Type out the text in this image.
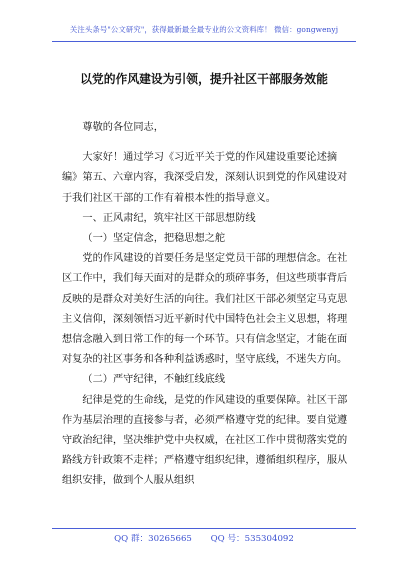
关注头条号"公文研究"，获得最新最全最专业的公文资料库！ 微信：gongwenyj
以党的作风建设为引领，提升社区干部服务效能

尊敬的各位同志，

大家好！通过学习《习近平关于党的作风建设重要论述摘编》第五、六章内容，我深受启发，深刻认识到党的作风建设对于我们社区干部的工作有着根本性的指导意义。

一、正风肃纪，筑牢社区干部思想防线

（一）坚定信念，把稳思想之舵

党的作风建设的首要任务是坚定党员干部的理想信念。在社区工作中，我们每天面对的是群众的琐碎事务，但这些琐事背后反映的是群众对美好生活的向往。我们社区干部必须坚定马克思主义信仰，深刻领悟习近平新时代中国特色社会主义思想，将理想信念融入到日常工作的每一个环节。只有信念坚定，才能在面对复杂的社区事务和各种利益诱惑时，坚守底线，不迷失方向。

（二）严守纪律，不触红线底线

纪律是党的生命线，是党的作风建设的重要保障。社区干部作为基层治理的直接参与者，必须严格遵守党的纪律。要自觉遵守政治纪律，坚决维护党中央权威，在社区工作中贯彻落实党的路线方针政策不走样；严格遵守组织纪律，遵循组织程序，服从组织安排，做到个人服从组织

QQ 群：30265665 QQ 号：535304092
